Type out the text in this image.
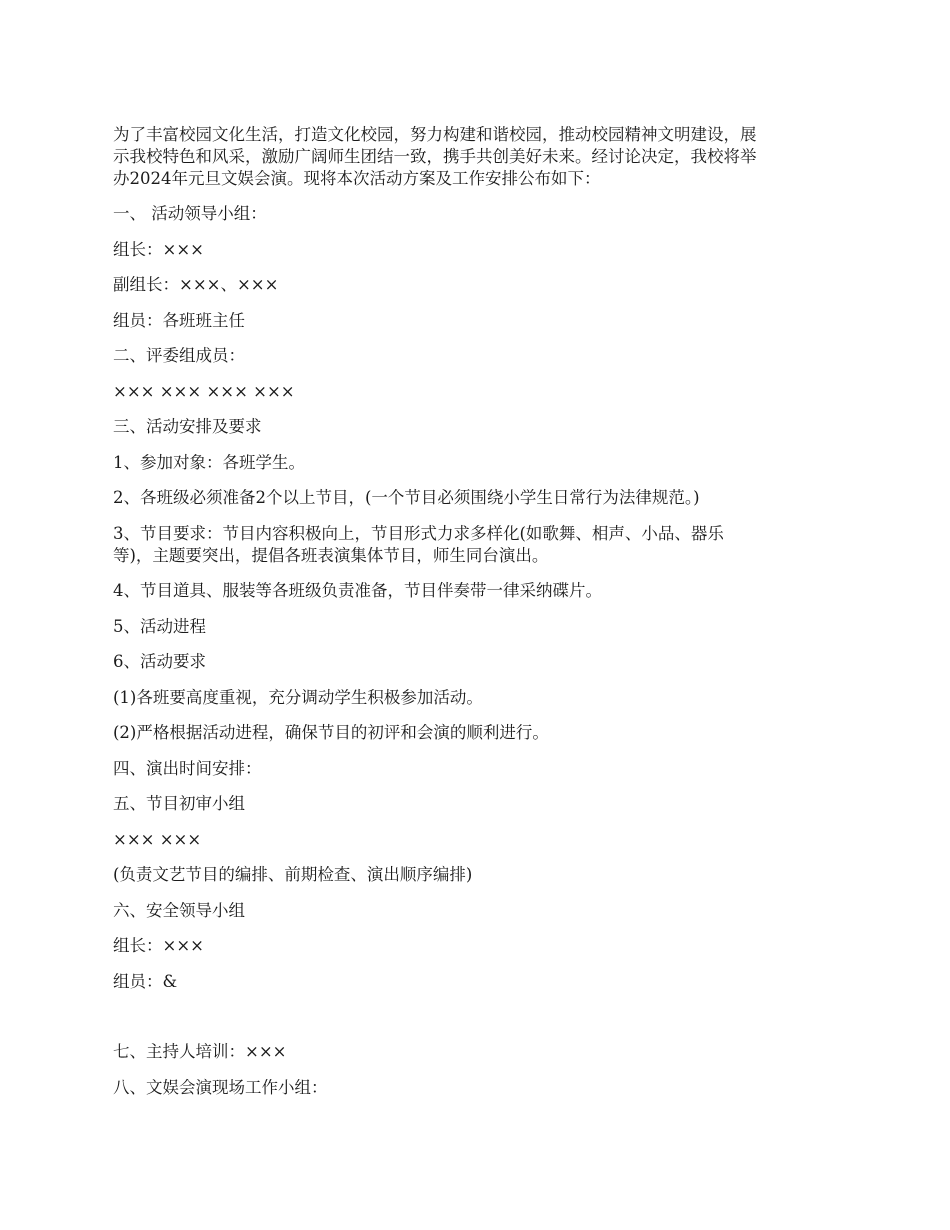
为了丰富校园文化生活，打造文化校园，努力构建和谐校园，推动校园精神文明建设，展

示我校特色和风采，激励广阔师生团结一致，携手共创美好未来。经讨论决定，我校将举

办2024年元旦文娱会演。现将本次活动方案及工作安排公布如下：

一、 活动领导小组：

组长：×××

副组长：×××、×××

组员：各班班主任

二、评委组成员：

××× ××× ××× ×××

三、活动安排及要求

1、参加对象：各班学生。

2、各班级必须准备2个以上节目，(一个节目必须围绕小学生日常行为法律规范。)

3、节目要求：节目内容积极向上，节目形式力求多样化(如歌舞、相声、小品、器乐

等)，主题要突出，提倡各班表演集体节目，师生同台演出。

4、节目道具、服装等各班级负责准备，节目伴奏带一律采纳碟片。

5、活动进程

6、活动要求

(1)各班要高度重视，充分调动学生积极参加活动。

(2)严格根据活动进程，确保节目的初评和会演的顺利进行。

四、演出时间安排：

五、节目初审小组

××× ×××

(负责文艺节目的编排、前期检查、演出顺序编排)

六、安全领导小组

组长：×××

组员：&

七、主持人培训：×××

八、文娱会演现场工作小组：
